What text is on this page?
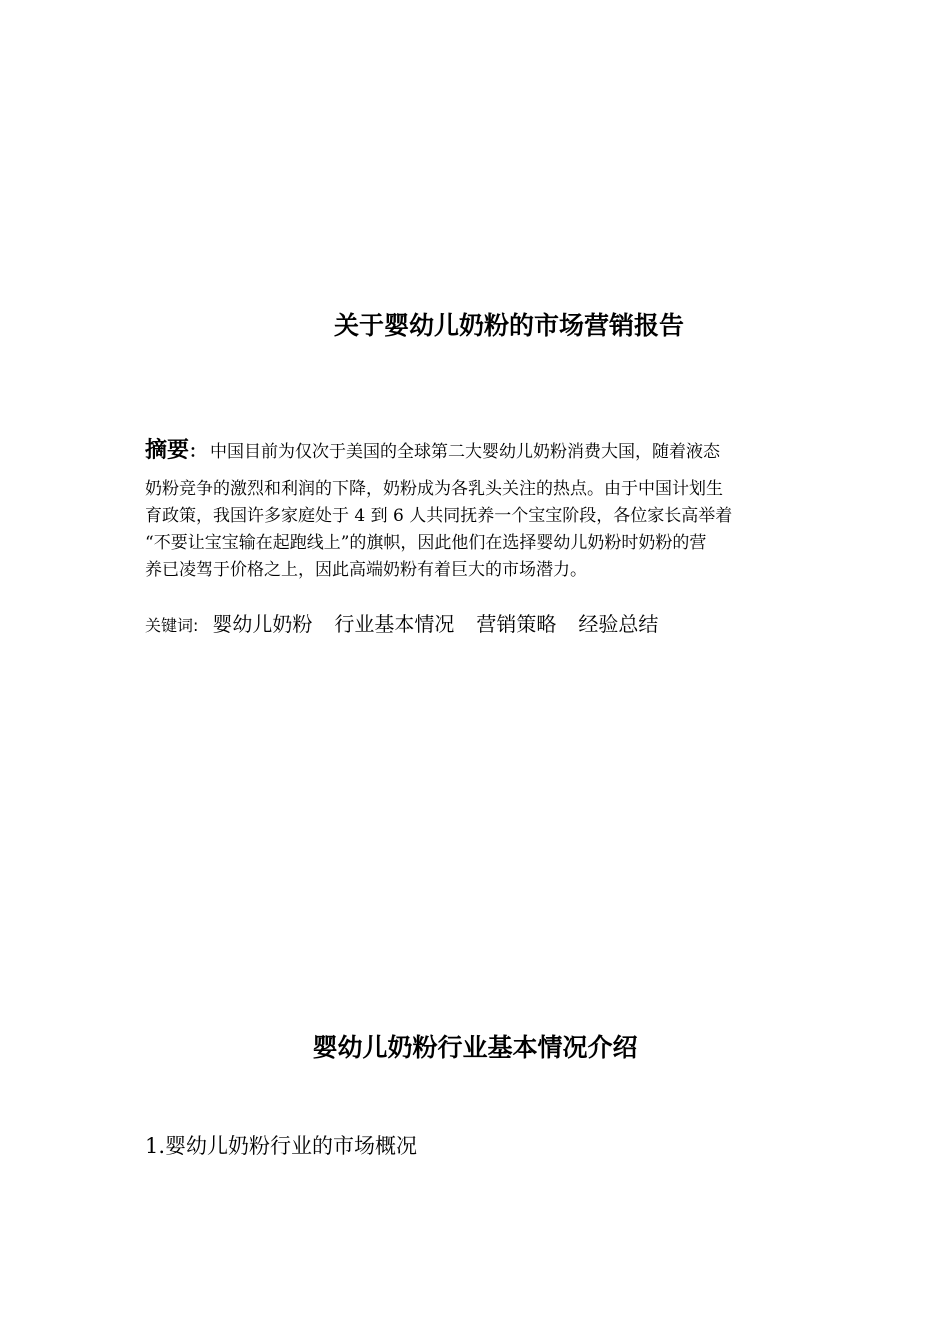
关于婴幼儿奶粉的市场营销报告
摘要： 中国目前为仅次于美国的全球第二大婴幼儿奶粉消费大国，随着液态
奶粉竞争的激烈和利润的下降，奶粉成为各乳头关注的热点。由于中国计划生
育政策，我国许多家庭处于 4 到 6 人共同抚养一个宝宝阶段，各位家长高举着
“不要让宝宝输在起跑线上”的旗帜，因此他们在选择婴幼儿奶粉时奶粉的营
养已凌驾于价格之上，因此高端奶粉有着巨大的市场潜力。
关键词: 婴幼儿奶粉 行业基本情况 营销策略 经验总结
婴幼儿奶粉行业基本情况介绍
1.婴幼儿奶粉行业的市场概况
